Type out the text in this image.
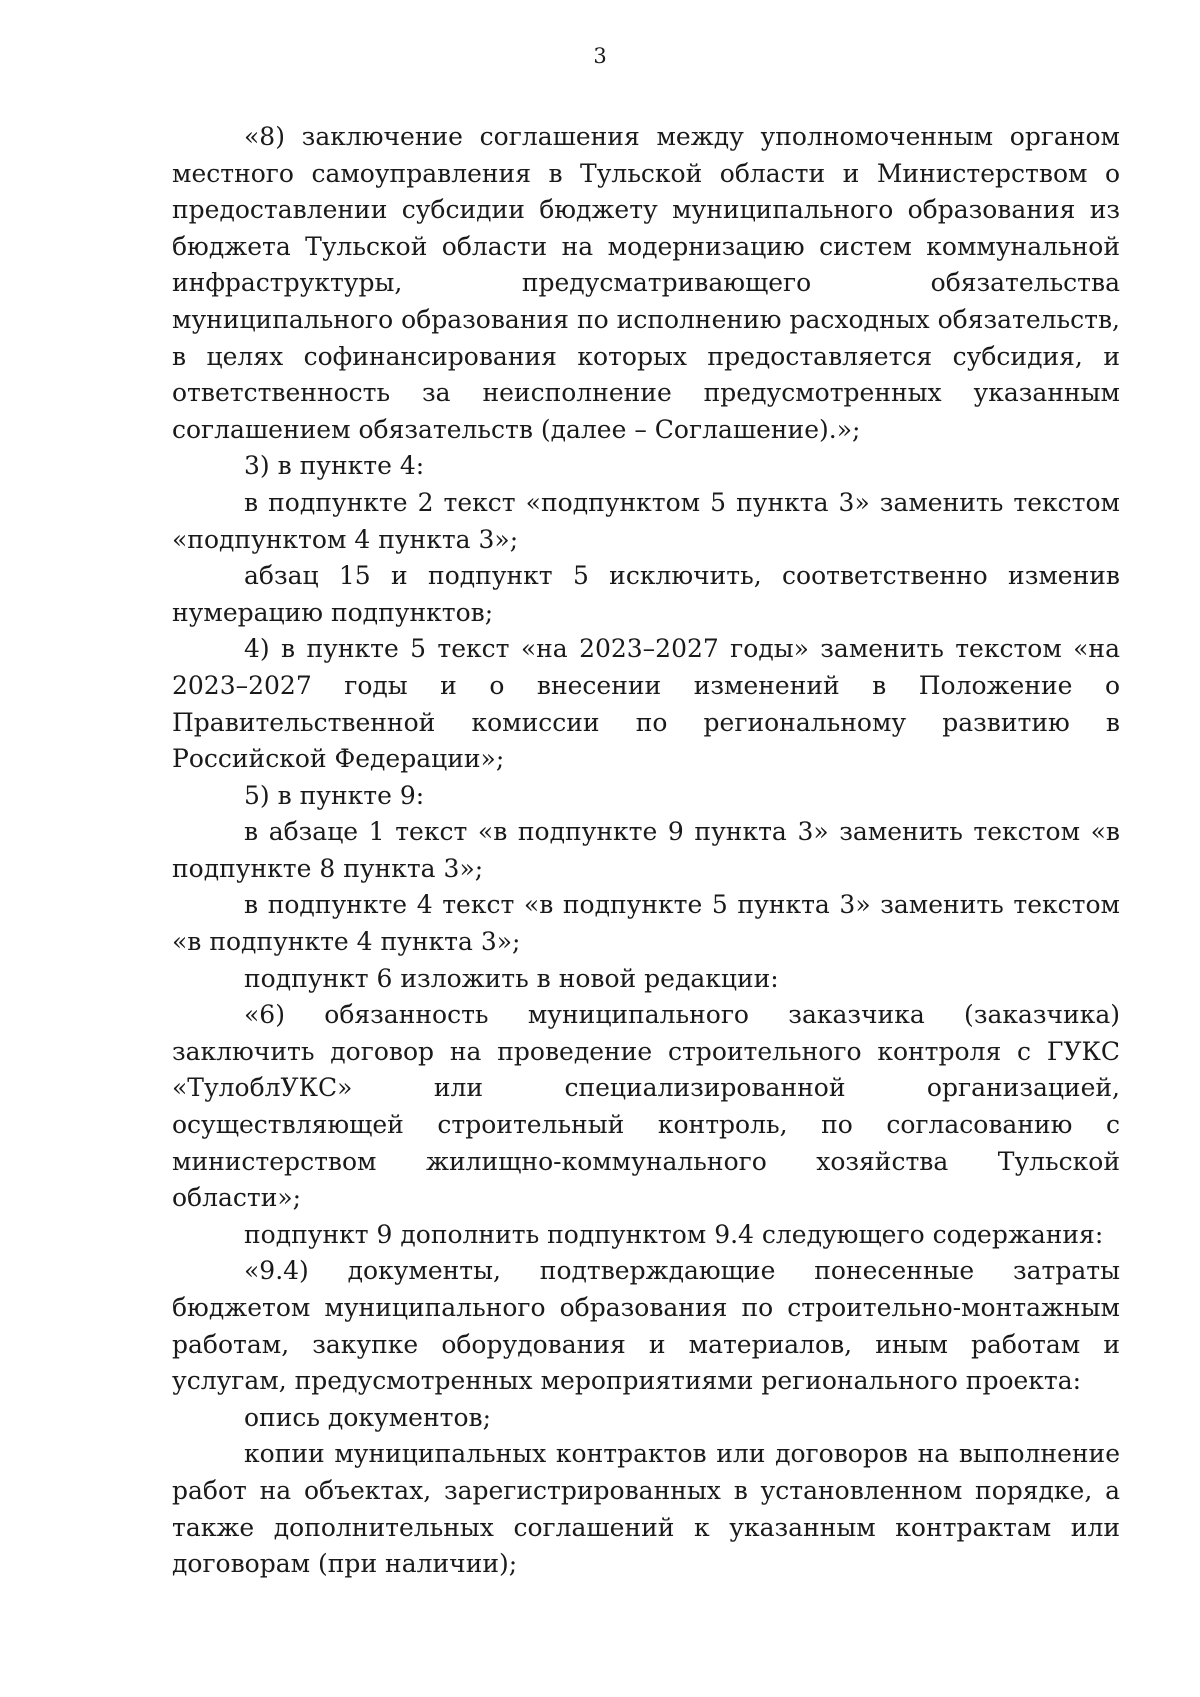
3

«8) заключение соглашения между уполномоченным органом местного самоуправления в Тульской области и Министерством о предоставлении субсидии бюджету муниципального образования из бюджета Тульской области на модернизацию систем коммунальной инфраструктуры, предусматривающего обязательства муниципального образования по исполнению расходных обязательств, в целях софинансирования которых предоставляется субсидия, и ответственность за неисполнение предусмотренных указанным соглашением обязательств (далее – Соглашение).»;

3) в пункте 4:

в подпункте 2 текст «подпунктом 5 пункта 3» заменить текстом «подпунктом 4 пункта 3»;

абзац 15 и подпункт 5 исключить, соответственно изменив нумерацию подпунктов;

4) в пункте 5 текст «на 2023–2027 годы» заменить текстом «на 2023–2027 годы и о внесении изменений в Положение о Правительственной комиссии по региональному развитию в Российской Федерации»;

5) в пункте 9:

в абзаце 1 текст «в подпункте 9 пункта 3» заменить текстом «в подпункте 8 пункта 3»;

в подпункте 4 текст «в подпункте 5 пункта 3» заменить текстом «в подпункте 4 пункта 3»;

подпункт 6 изложить в новой редакции:

«6) обязанность муниципального заказчика (заказчика) заключить договор на проведение строительного контроля с ГУКС «ТулоблУКС» или специализированной организацией, осуществляющей строительный контроль, по согласованию с министерством жилищно-коммунального хозяйства Тульской области»;

подпункт 9 дополнить подпунктом 9.4 следующего содержания:

«9.4) документы, подтверждающие понесенные затраты бюджетом муниципального образования по строительно-монтажным работам, закупке оборудования и материалов, иным работам и услугам, предусмотренных мероприятиями регионального проекта:

опись документов;

копии муниципальных контрактов или договоров на выполнение работ на объектах, зарегистрированных в установленном порядке, а также дополнительных соглашений к указанным контрактам или договорам (при наличии);
